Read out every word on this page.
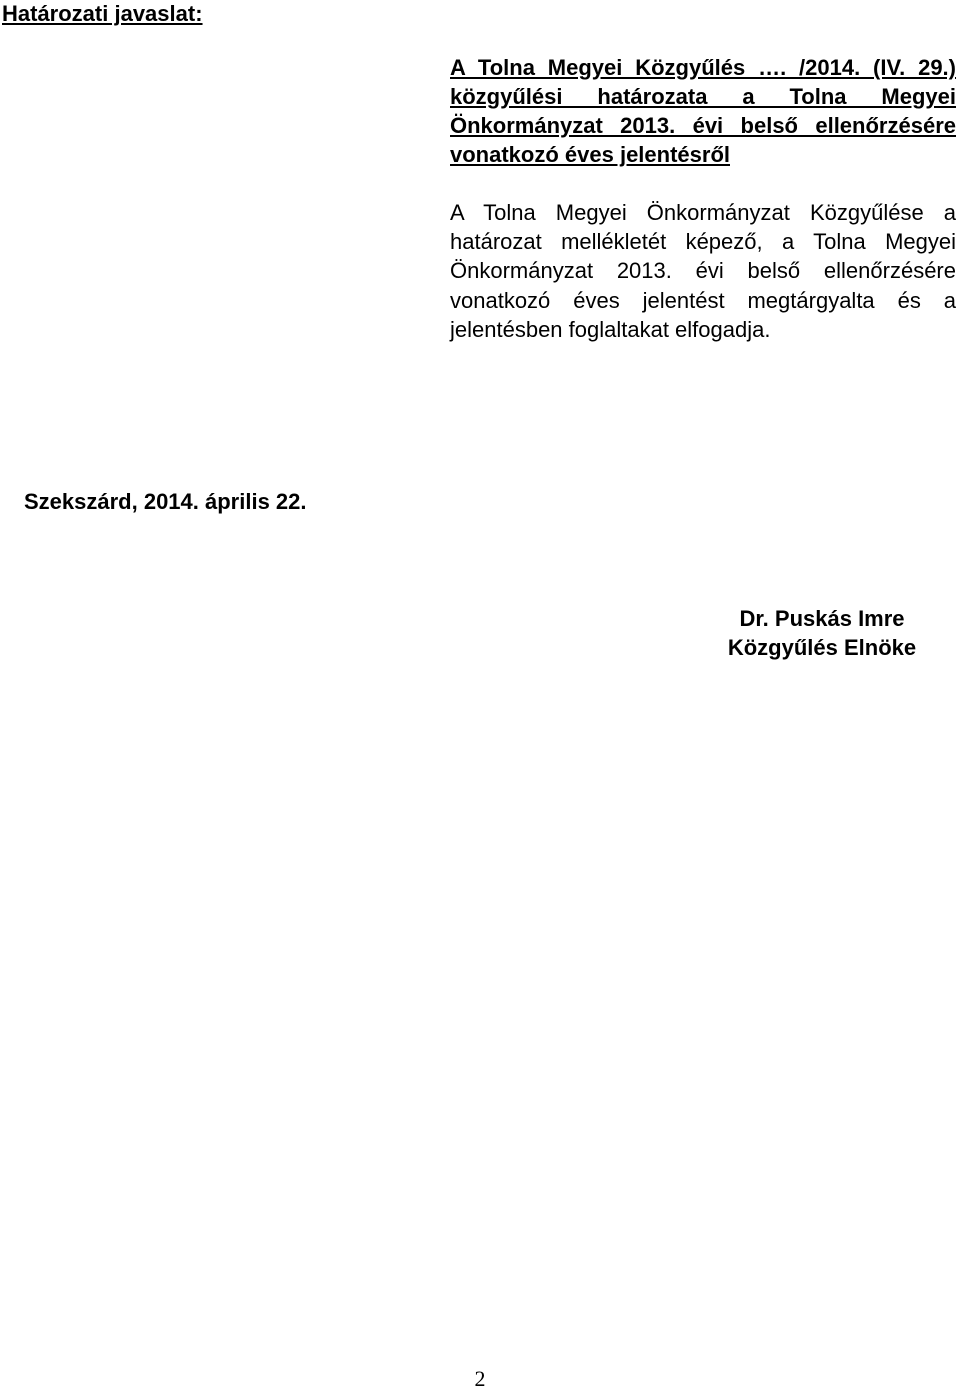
Határozati javaslat:
A Tolna Megyei Közgyűlés …. /2014. (IV. 29.) közgyűlési határozata a Tolna Megyei Önkormányzat 2013. évi belső ellenőrzésére vonatkozó éves jelentésről
A Tolna Megyei Önkormányzat Közgyűlése a határozat mellékletét képező, a Tolna Megyei Önkormányzat 2013. évi belső ellenőrzésére vonatkozó éves jelentést megtárgyalta és a jelentésben foglaltakat elfogadja.
Szekszárd, 2014. április 22.
Dr. Puskás Imre
Közgyűlés Elnöke
2
